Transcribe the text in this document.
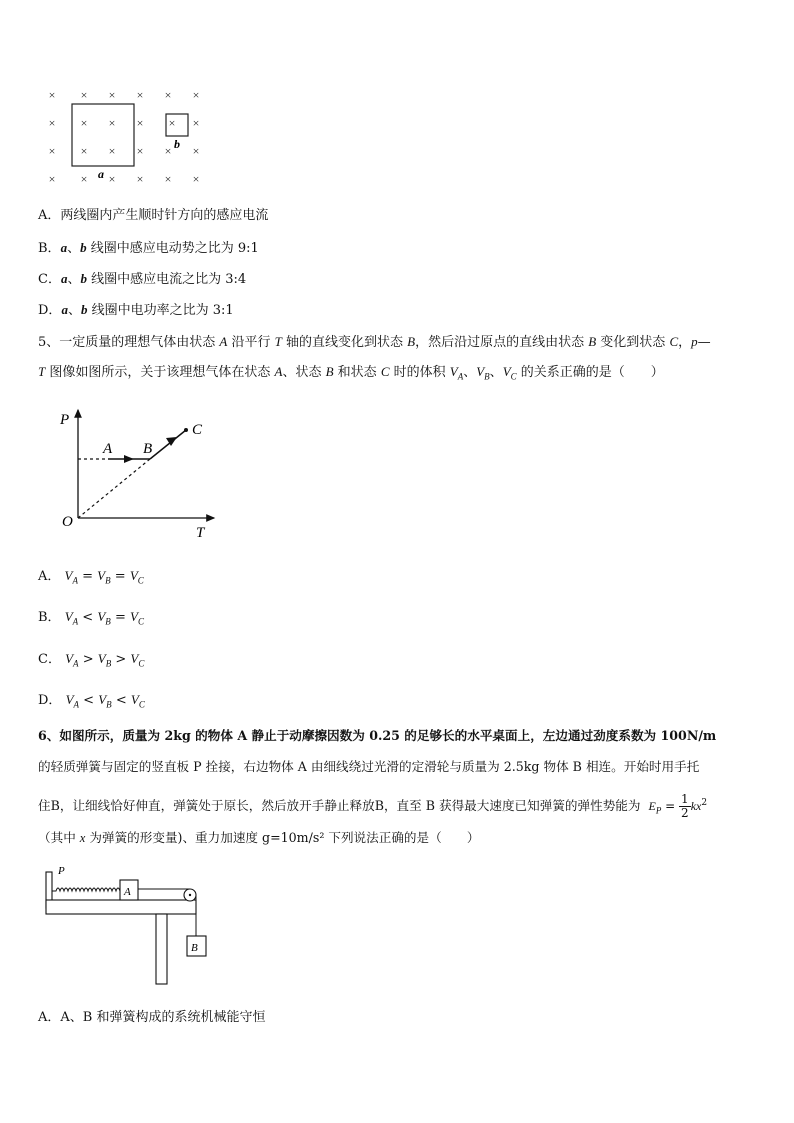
× × × × × ×
× × × × × ×
× × × × × ×
× × × × × ×
a
b
A．两线圈内产生顺时针方向的感应电流
B．a、b 线圈中感应电动势之比为 9:1
C．a、b 线圈中感应电流之比为 3:4
D．a、b 线圈中电功率之比为 3:1
5、一定质量的理想气体由状态 A 沿平行 T 轴的直线变化到状态 B，然后沿过原点的直线由状态 B 变化到状态 C，p—
T 图像如图所示，关于该理想气体在状态 A、状态 B 和状态 C 时的体积 $V_A$、$V_B$、$V_C$ 的关系正确的是（　　）
P
T
O
A B
C
A． $V_A = V_B = V_C$
B． $V_A < V_B = V_C$
C． $V_A > V_B > V_C$
D． $V_A < V_B < V_C$
6、如图所示，质量为 2kg 的物体 A 静止于动摩擦因数为 0.25 的足够长的水平桌面上，左边通过劲度系数为 100N/m
的轻质弹簧与固定的竖直板 P 拴接，右边物体 A 由细线绕过光滑的定滑轮与质量为 2.5kg 物体 B 相连。开始时用手托
住B，让细线恰好伸直，弹簧处于原长，然后放开手静止释放B，直至 B 获得最大速度已知弹簧的弹性势能为 $E_P = \frac{1}{2} kx^2$
（其中 x 为弹簧的形变量)、重力加速度 g=10m/s² 下列说法正确的是（　　）
P
A
B
A．A、B 和弹簧构成的系统机械能守恒
